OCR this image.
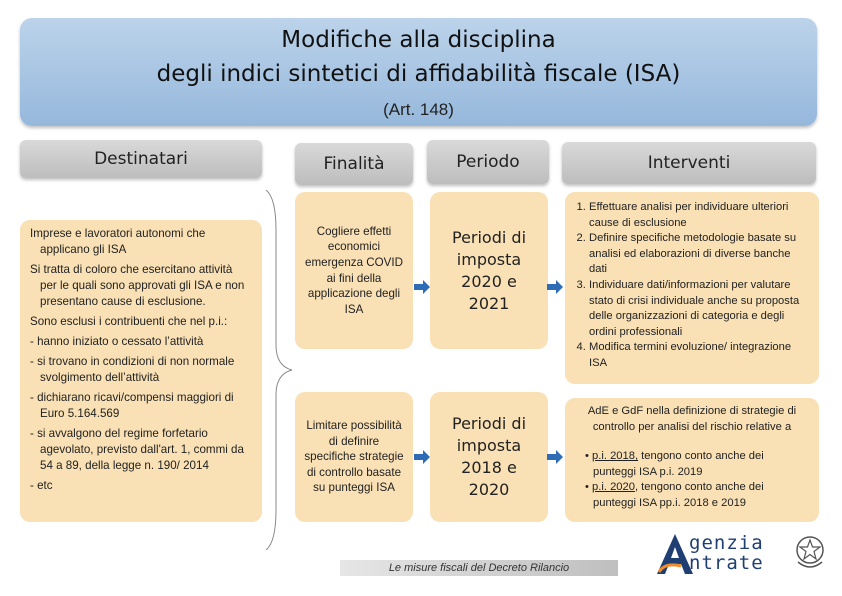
Modifiche alla disciplina
degli indici sintetici di affidabilità fiscale (ISA)
(Art. 148)
Destinatari	Finalità	Periodo	Interventi

Imprese e lavoratori autonomi che applicano gli ISA

Si tratta di coloro che esercitano attività per le quali sono approvati gli ISA e non presentano cause di esclusione.

Sono esclusi i contribuenti che nel p.i.:

- hanno iniziato o cessato l’attività

- si trovano in condizioni di non normale svolgimento dell’attività

- dichiarano ricavi/compensi maggiori di Euro 5.164.569

- si avvalgono del regime forfetario agevolato, previsto dall'art. 1, commi da 54 a 89, della legge n. 190/ 2014

- etc

Cogliere effetti economici emergenza COVID ai fini della applicazione degli ISA
Periodi di imposta 2020 e 2021
1. Effettuare analisi per individuare ulteriori cause di esclusione
2. Definire specifiche metodologie basate su analisi ed elaborazioni di diverse banche dati
3. Individuare dati/informazioni per valutare stato di crisi individuale anche su proposta delle organizzazioni di categoria e degli ordini professionali
4. Modifica termini evoluzione/ integrazione ISA
Limitare possibilità di definire specifiche strategie di controllo basate su punteggi ISA
Periodi di imposta 2018 e 2020
AdE e GdF nella definizione di strategie di controllo per analisi del rischio relative a
• p.i. 2018, tengono conto anche dei punteggi ISA p.i. 2019
• p.i. 2020, tengono conto anche dei punteggi ISA pp.i. 2018 e 2019
Le misure fiscali del Decreto Rilancio
genzia
ntrate
